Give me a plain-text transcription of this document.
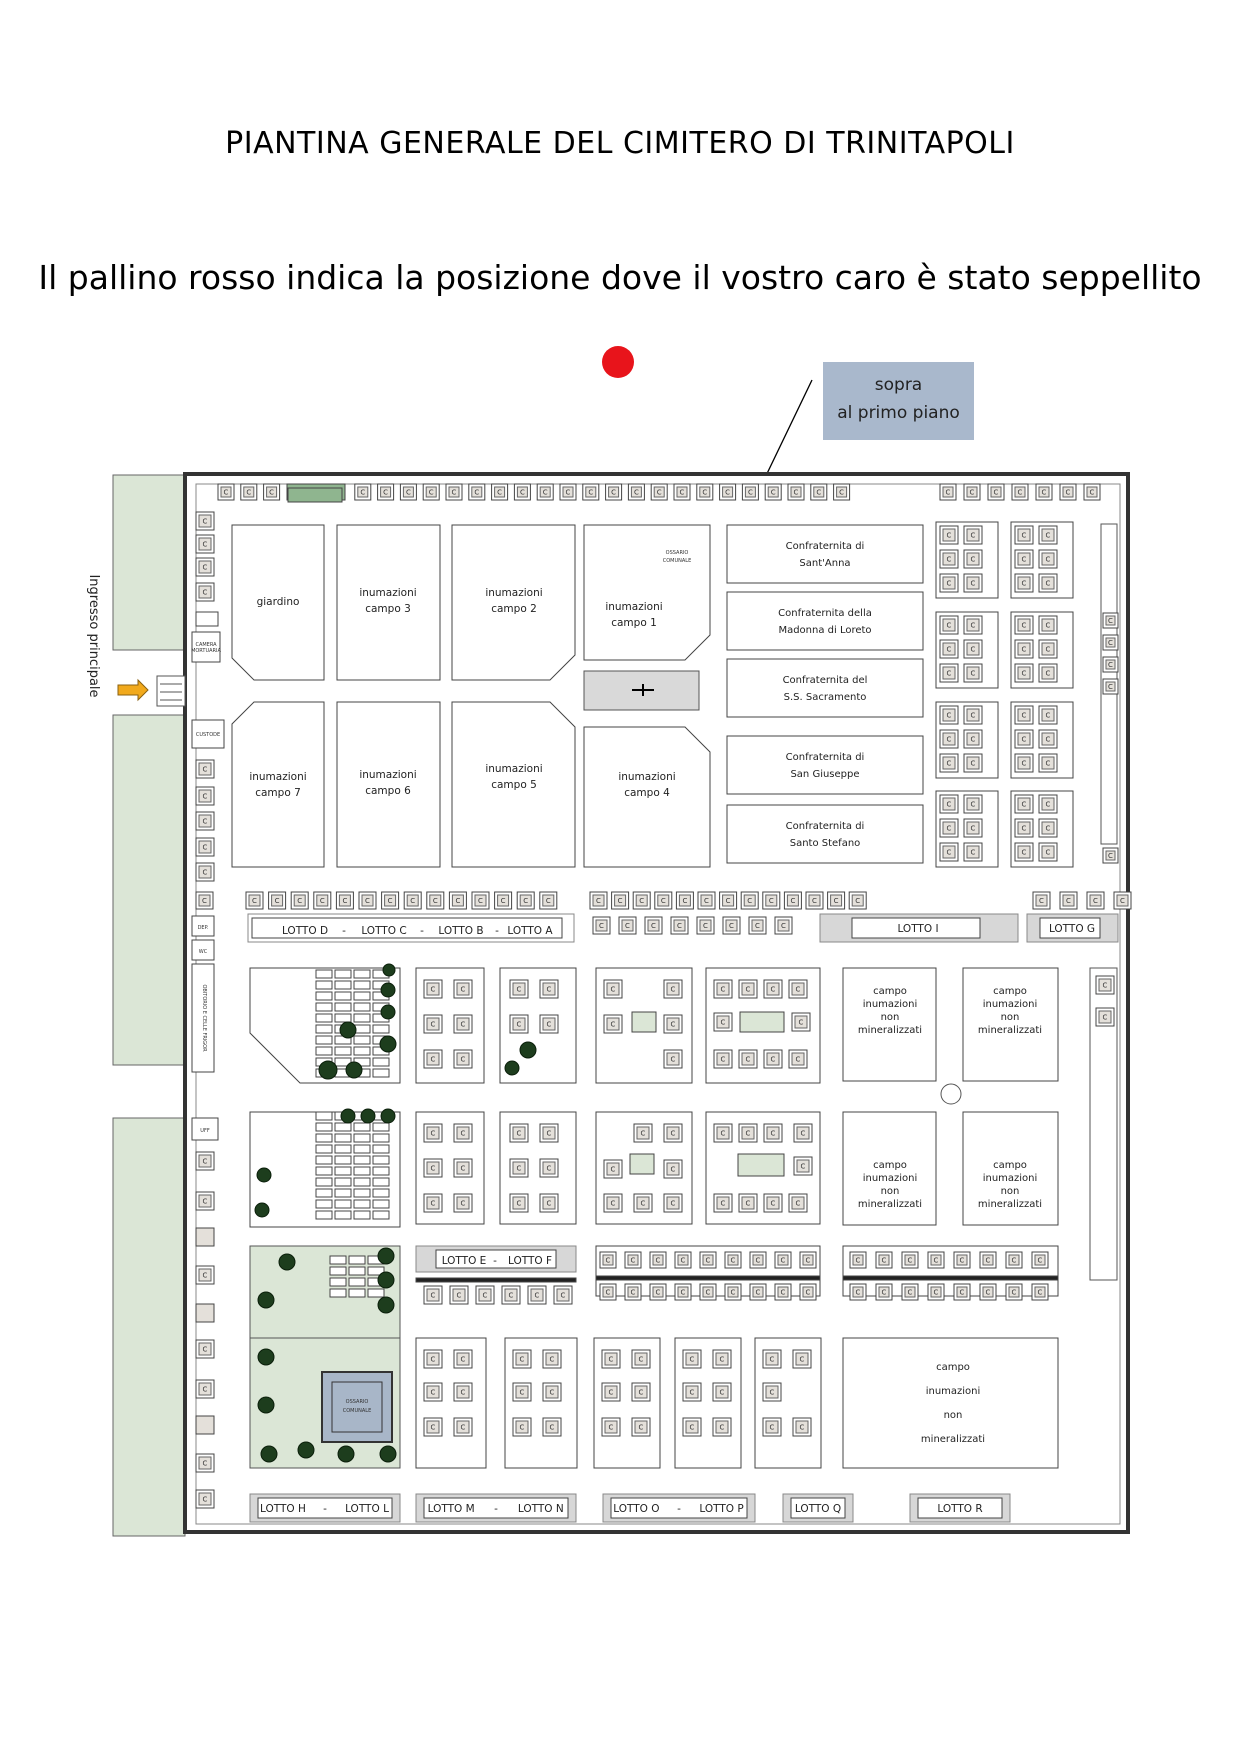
PIANTINA GENERALE DEL CIMITERO DI TRINITAPOLI
Il pallino rosso indica la posizione dove il vostro caro è stato seppellito
sopra
al primo piano
C	C	C	C	C	C	C	C	C	C	C	C	C	C	C	C	C	C	C	C	C	C	C	C	C	C	C	C	C	C	C	C
C
C
C
C
CAMERA
MORTUARIA
CUSTODE
C
C
C
C
C
giardino
inumazioni
campo 3
inumazioni
campo 2	inumazioni
campo 1
inumazioni
campo 7
inumazioni
campo 6
inumazioni
campo 5
inumazioni
campo 4
OSSARIO
COMUNALE
Confraternita di
Sant'Anna
Confraternita della
Madonna di Loreto
Confraternita del
S.S. Sacramento
Confraternita di
San Giuseppe
Confraternita di
Santo Stefano
C	C
C	C
C	C
C	C
C	C
C	C
C	C
C	C
C	C
C	C
C	C
C	C
C	C
C	C
C	C
C	C
C	C
C	C
C	C
C	C
C	C
C	C
C	C
C	C
C
C
C
C
C
C	C	C	C	C	C	C	C	C	C	C	C	C	C	C C C C C C C C C C C C C	C	C	C	C
C
LOTTO D - LOTTO C - LOTTO B - LOTTO A	C	C	C	C	C	C	C	C	LOTTO I	LOTTO G
DEP.
WC
OBITORIO E CELLE FRIGOR
UFF
C
C
C
C
C
C
C
OSSARIO
COMUNALE
C	C
C	C
C	C
C	C
C	C
C	C
C	C
C
C	C	C	C
C	C	C	C
C	C
campo
inumazioni
non
mineralizzati
campo
inumazioni
non
mineralizzati
C
C
C	C
C	C
C	C
C	C
C	C
C	C
C
C	C
C
C	C	C
C	C	C	C
C
C	C	C	C
campo
inumazioni
non
mineralizzati
campo
inumazioni
non
mineralizzati
LOTTO E - LOTTO F
C	C	C	C	C	C
C
C
C
C
C
C
C
C
C
C
C
C
C
C
C
C
C
C
C
C
C
C
C
C
C
C
C
C
C
C
C
C
C
C
C	C
C	C
C	C
C	C
C	C
C	C
C	C
C	C
C	C
C	C
C	C
C	C
C	C
C
C	C
campo
inumazioni
non
mineralizzati
LOTTO H - LOTTO L	LOTTO M - LOTTO N	LOTTO O - LOTTO P	LOTTO Q	LOTTO R
Ingresso principale
